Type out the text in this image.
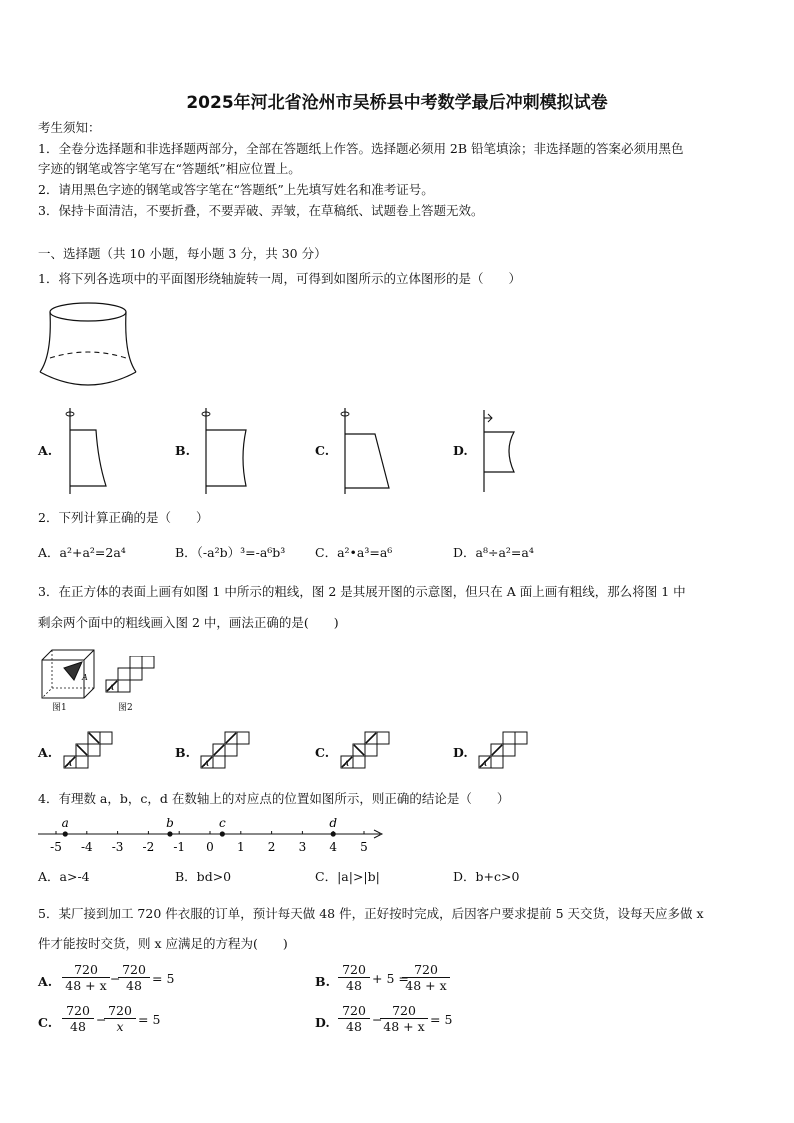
2025年河北省沧州市吴桥县中考数学最后冲刺模拟试卷
考生须知：
1．全卷分选择题和非选择题两部分，全部在答题纸上作答。选择题必须用 2B 铅笔填涂；非选择题的答案必须用黑色
字迹的钢笔或答字笔写在“答题纸”相应位置上。
2．请用黑色字迹的钢笔或答字笔在“答题纸”上先填写姓名和准考证号。
3．保持卡面清洁，不要折叠，不要弄破、弄皱，在草稿纸、试题卷上答题无效。
一、选择题（共 10 小题，每小题 3 分，共 30 分）
1．将下列各选项中的平面图形绕轴旋转一周，可得到如图所示的立体图形的是（　　）
A.	B.	C.	D.
2．下列计算正确的是（　　）
A．a²+a²=2a⁴	B．（-a²b）³=-a⁶b³ C．a²•a³=a⁶	D．a⁸÷a²=a⁴
3．在正方体的表面上画有如图 1 中所示的粗线，图 2 是其展开图的示意图，但只在 A 面上画有粗线，那么将图 1 中
剩余两个面中的粗线画入图 2 中，画法正确的是(　　)
A
图1
A
图2
A.
A
B.
A
C.
A
D.
A
4．有理数 a，b，c，d 在数轴上的对应点的位置如图所示，则正确的结论是（　　）
-5 -4 -3 -2 -1 0 1 2 3 4 5
a	b	c	d
A．a>-4	B．bd>0	C．|a|>|b|	D．b+c>0
5．某厂接到加工 720 件衣服的订单，预计每天做 48 件，正好按时完成，后因客户要求提前 5 天交货，设每天应多做 x
件才能按时交货，则 x 应满足的方程为(　　)
A. $\frac{720}{48 + x}$ −
$\frac{720}{48} = 5$	B. $\frac{720}{48} + 5$ =
$\frac{720}{48 + x}$
C. $\frac{720}{48}$ −
$\frac{720}{x} = 5$	D. $\frac{720}{48}$ −
$\frac{720}{48 + x} = 5$
